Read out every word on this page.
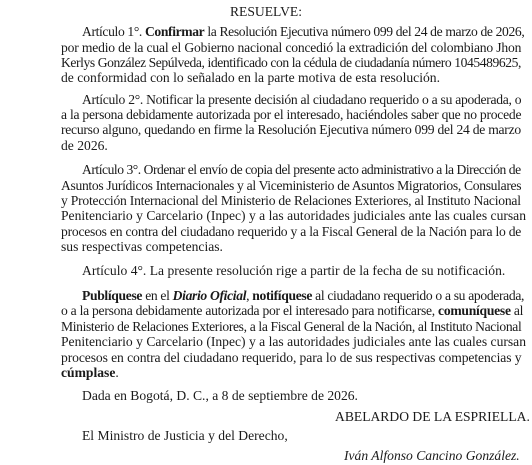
RESUELVE:
Artículo 1°. Confirmar la Resolución Ejecutiva número 099 del 24 de marzo de 2026,
por medio de la cual el Gobierno nacional concedió la extradición del colombiano Jhon
Kerlys González Sepúlveda, identificado con la cédula de ciudadanía número 1045489625,
de conformidad con lo señalado en la parte motiva de esta resolución.
Artículo 2°. Notificar la presente decisión al ciudadano requerido o a su apoderada, o
a la persona debidamente autorizada por el interesado, haciéndoles saber que no procede
recurso alguno, quedando en firme la Resolución Ejecutiva número 099 del 24 de marzo
de 2026.
Artículo 3°. Ordenar el envío de copia del presente acto administrativo a la Dirección de
Asuntos Jurídicos Internacionales y al Viceministerio de Asuntos Migratorios, Consulares
y Protección Internacional del Ministerio de Relaciones Exteriores, al Instituto Nacional
Penitenciario y Carcelario (Inpec) y a las autoridades judiciales ante las cuales cursan
procesos en contra del ciudadano requerido y a la Fiscal General de la Nación para lo de
sus respectivas competencias.
Artículo 4°. La presente resolución rige a partir de la fecha de su notificación.
Publíquese en el Diario Oficial, notifíquese al ciudadano requerido o a su apoderada,
o a la persona debidamente autorizada por el interesado para notificarse, comuníquese al
Ministerio de Relaciones Exteriores, a la Fiscal General de la Nación, al Instituto Nacional
Penitenciario y Carcelario (Inpec) y a las autoridades judiciales ante las cuales cursan
procesos en contra del ciudadano requerido, para lo de sus respectivas competencias y
cúmplase.
Dada en Bogotá, D. C., a 8 de septiembre de 2026.
ABELARDO DE LA ESPRIELLA.
El Ministro de Justicia y del Derecho,
Iván Alfonso Cancino González.
